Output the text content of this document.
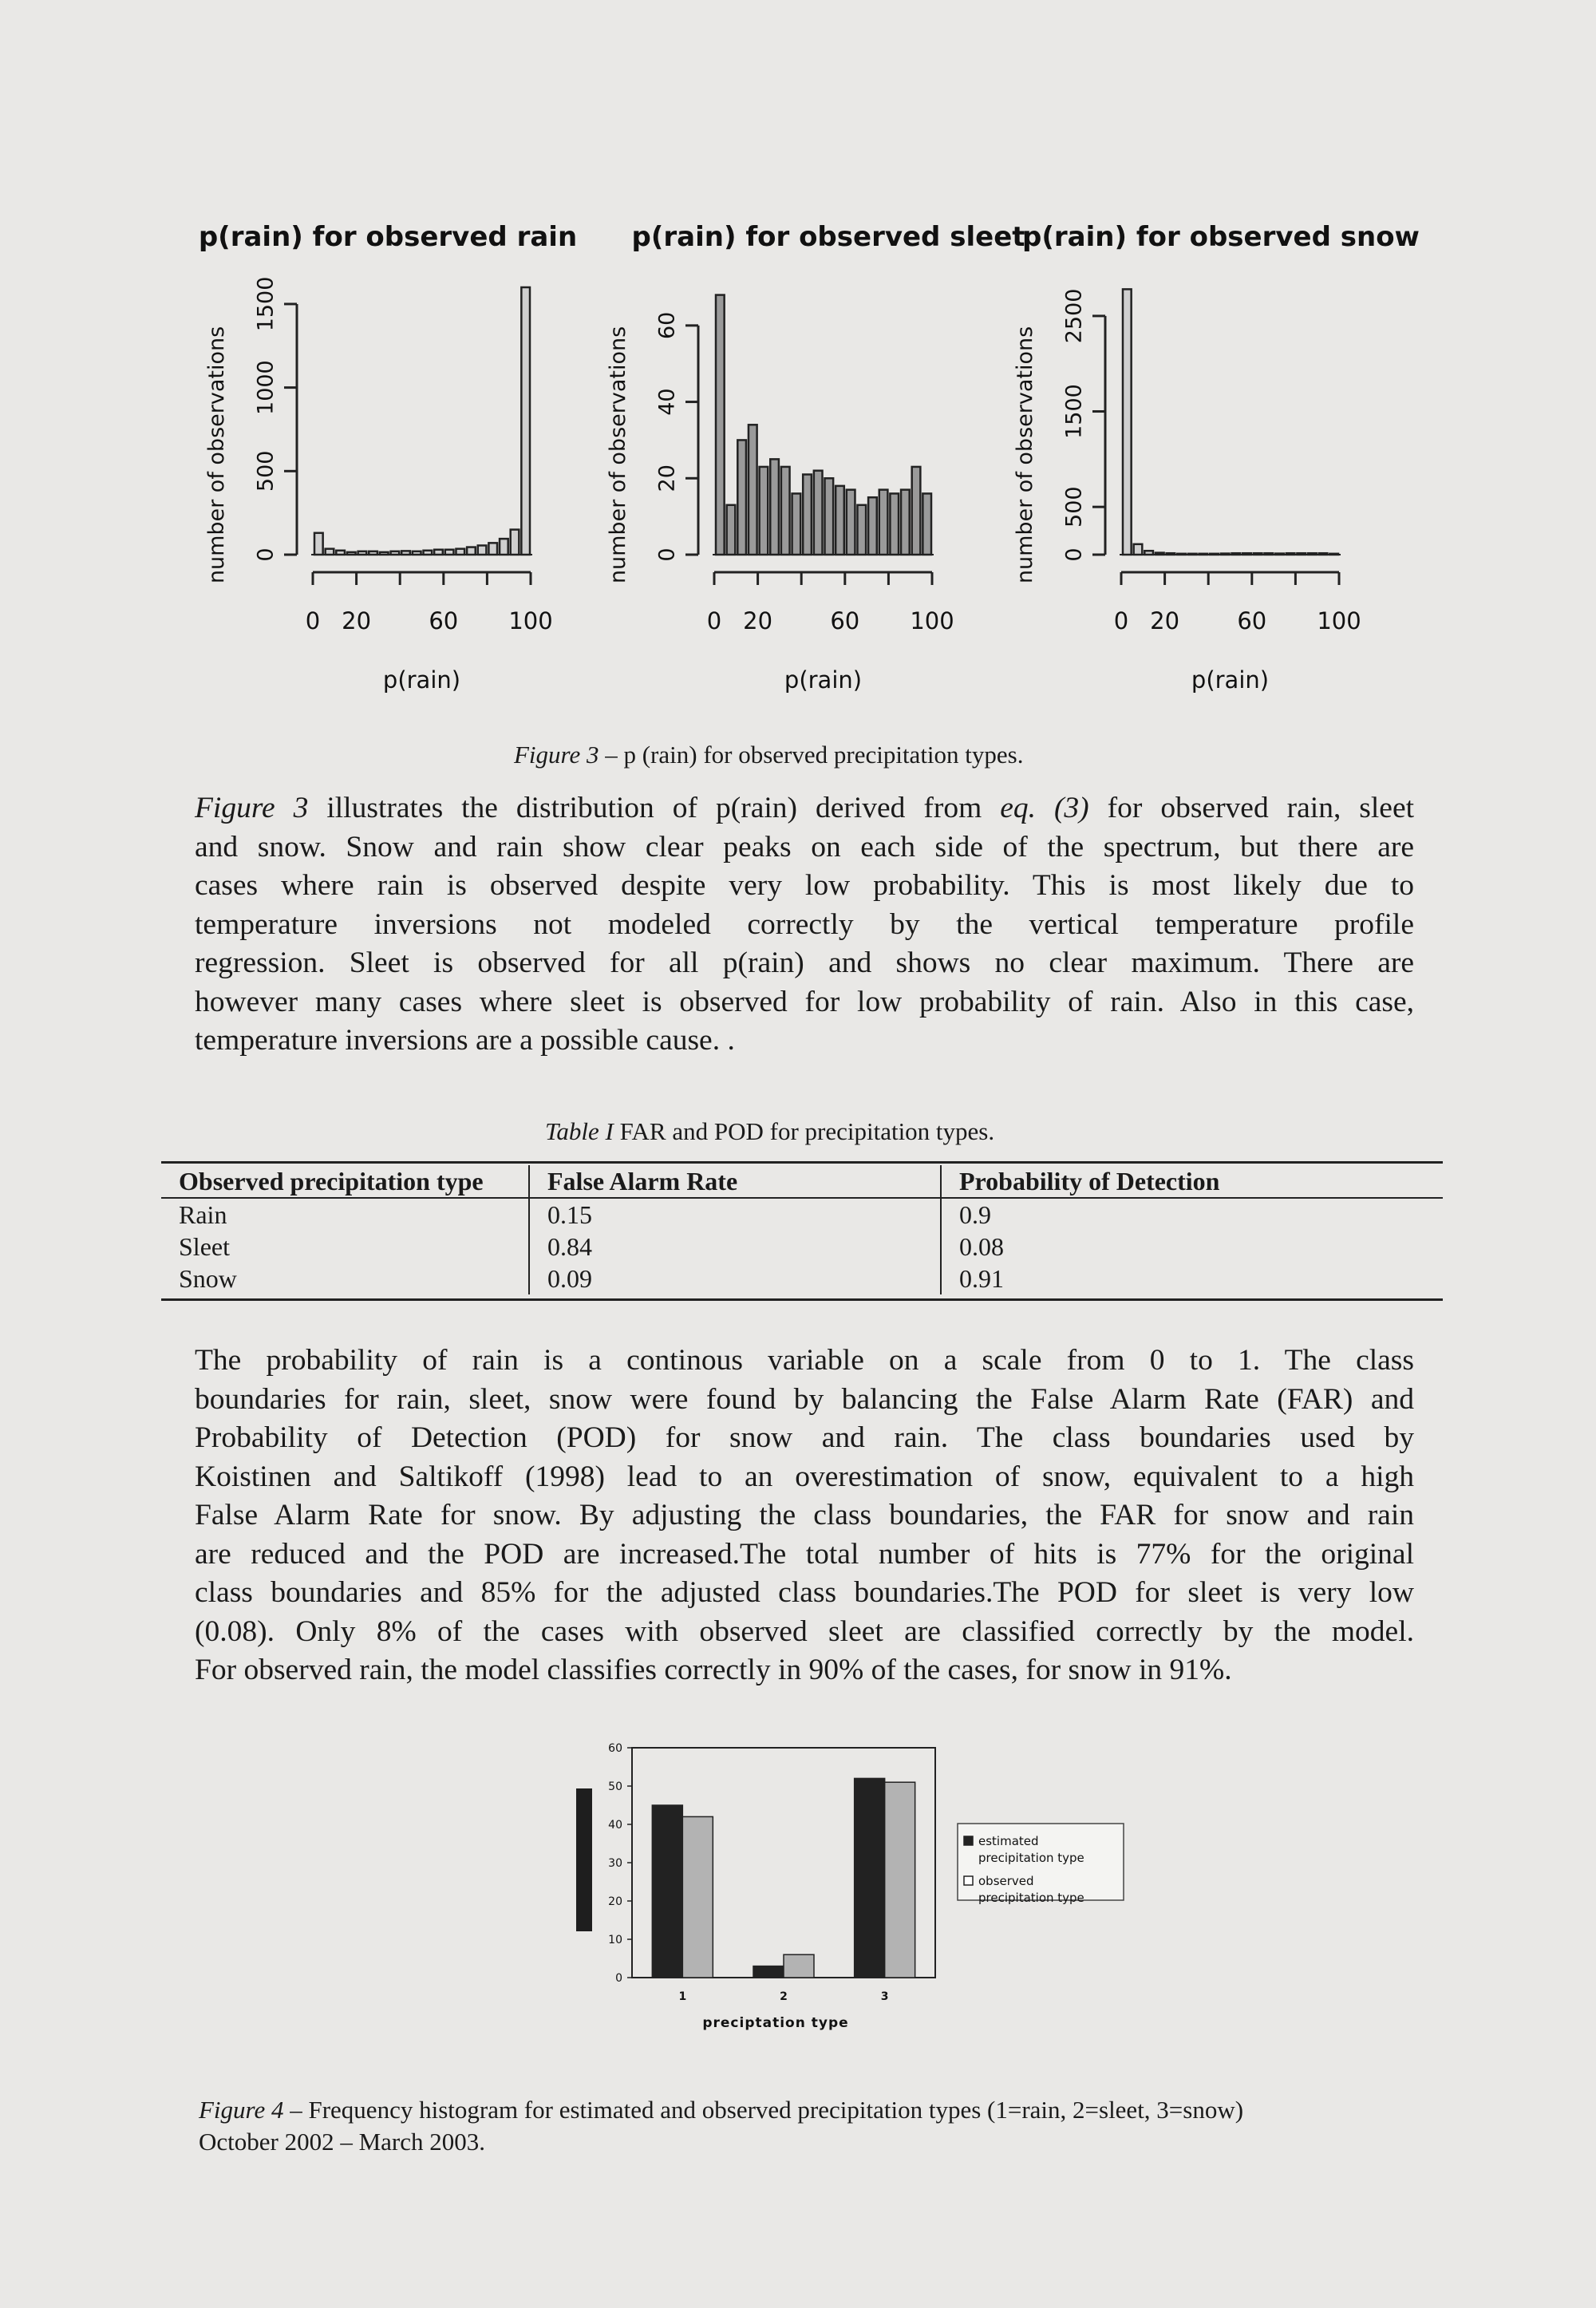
p(rain) for observed rain
0
500
1000
1500
number of observations
0 20 60 100
p(rain)
p(rain) for observed sleet
0
20
40
60
number of observations
0 20 60 100
p(rain)
p(rain) for observed snow
0
500
1500
2500
number of observations
0 20 60 100
p(rain)
Figure 3 – p (rain) for observed precipitation types.
Figure 3 illustrates the distribution of p(rain) derived from eq. (3) for observed rain, sleet
and snow. Snow and rain show clear peaks on each side of the spectrum, but there are
cases where rain is observed despite very low probability. This is most likely due to
temperature inversions not modeled correctly by the vertical temperature profile
regression. Sleet is observed for all p(rain) and shows no clear maximum. There are
however many cases where sleet is observed for low probability of rain. Also in this case,
temperature inversions are a possible cause. .
Table I FAR and POD for precipitation types.
Observed precipitation type	False Alarm Rate	Probability of Detection
Rain	0.15	0.9
Sleet	0.84	0.08
Snow	0.09	0.91
The probability of rain is a continous variable on a scale from 0 to 1. The class
boundaries for rain, sleet, snow were found by balancing the False Alarm Rate (FAR) and
Probability of Detection (POD) for snow and rain. The class boundaries used by
Koistinen and Saltikoff (1998) lead to an overestimation of snow, equivalent to a high
False Alarm Rate for snow. By adjusting the class boundaries, the FAR for snow and rain
are reduced and the POD are increased.The total number of hits is 77% for the original
class boundaries and 85% for the adjusted class boundaries.The POD for sleet is very low
(0.08). Only 8% of the cases with observed sleet are classified correctly by the model.
For observed rain, the model classifies correctly in 90% of the cases, for snow in 91%.
0
10
20
30
40
50
60
1	2	3
preciptation type
estimated
precipitation type
observed
precipitation type
Figure 4 – Frequency histogram for estimated and observed precipitation types (1=rain, 2=sleet, 3=snow)
October 2002 – March 2003.
